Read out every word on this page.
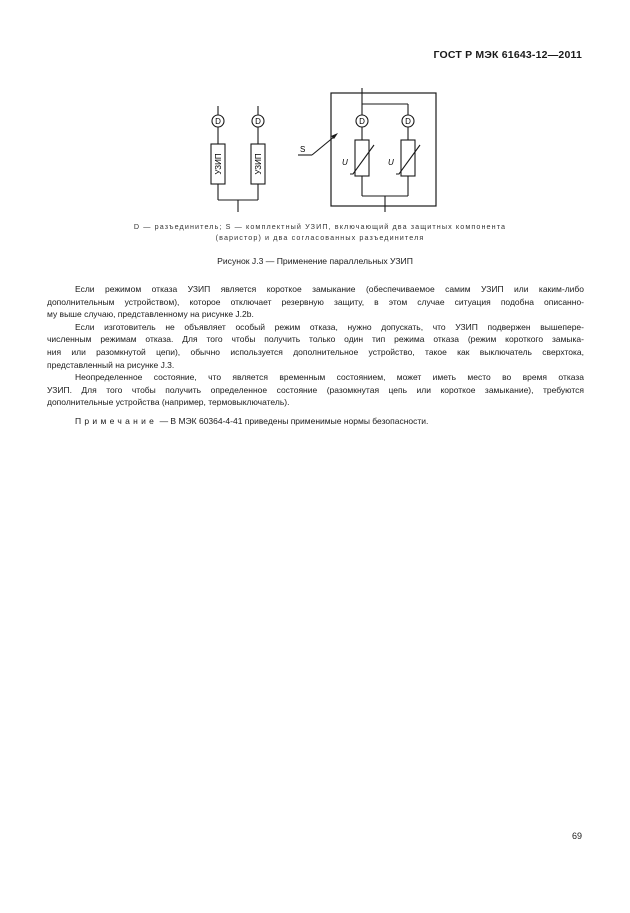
ГОСТ Р МЭК 61643-12—2011
D	D	D	D
УЗИП	УЗИП
S
U	U
D — разъединитель; S — комплектный УЗИП, включающий два защитных компонента
(варистор) и два согласованных разъединителя
Рисунок J.3 — Применение параллельных УЗИП

Если режимом отказа УЗИП является короткое замыкание (обеспечиваемое самим УЗИП или каким-либо

дополнительным устройством), которое отключает резервную защиту, в этом случае ситуация подобна описанно-

му выше случаю, представленному на рисунке J.2b.

Если изготовитель не объявляет особый режим отказа, нужно допускать, что УЗИП подвержен вышепере-

численным режимам отказа. Для того чтобы получить только один тип режима отказа (режим короткого замыка-

ния или разомкнутой цепи), обычно используется дополнительное устройство, такое как выключатель сверхтока,

представленный на рисунке J.3.

Неопределенное состояние, что является временным состоянием, может иметь место во время отказа

УЗИП. Для того чтобы получить определенное состояние (разомкнутая цепь или короткое замыкание), требуются

дополнительные устройства (например, термовыключатель).

Примечание — В МЭК 60364-4-41 приведены применимые нормы безопасности.

69
